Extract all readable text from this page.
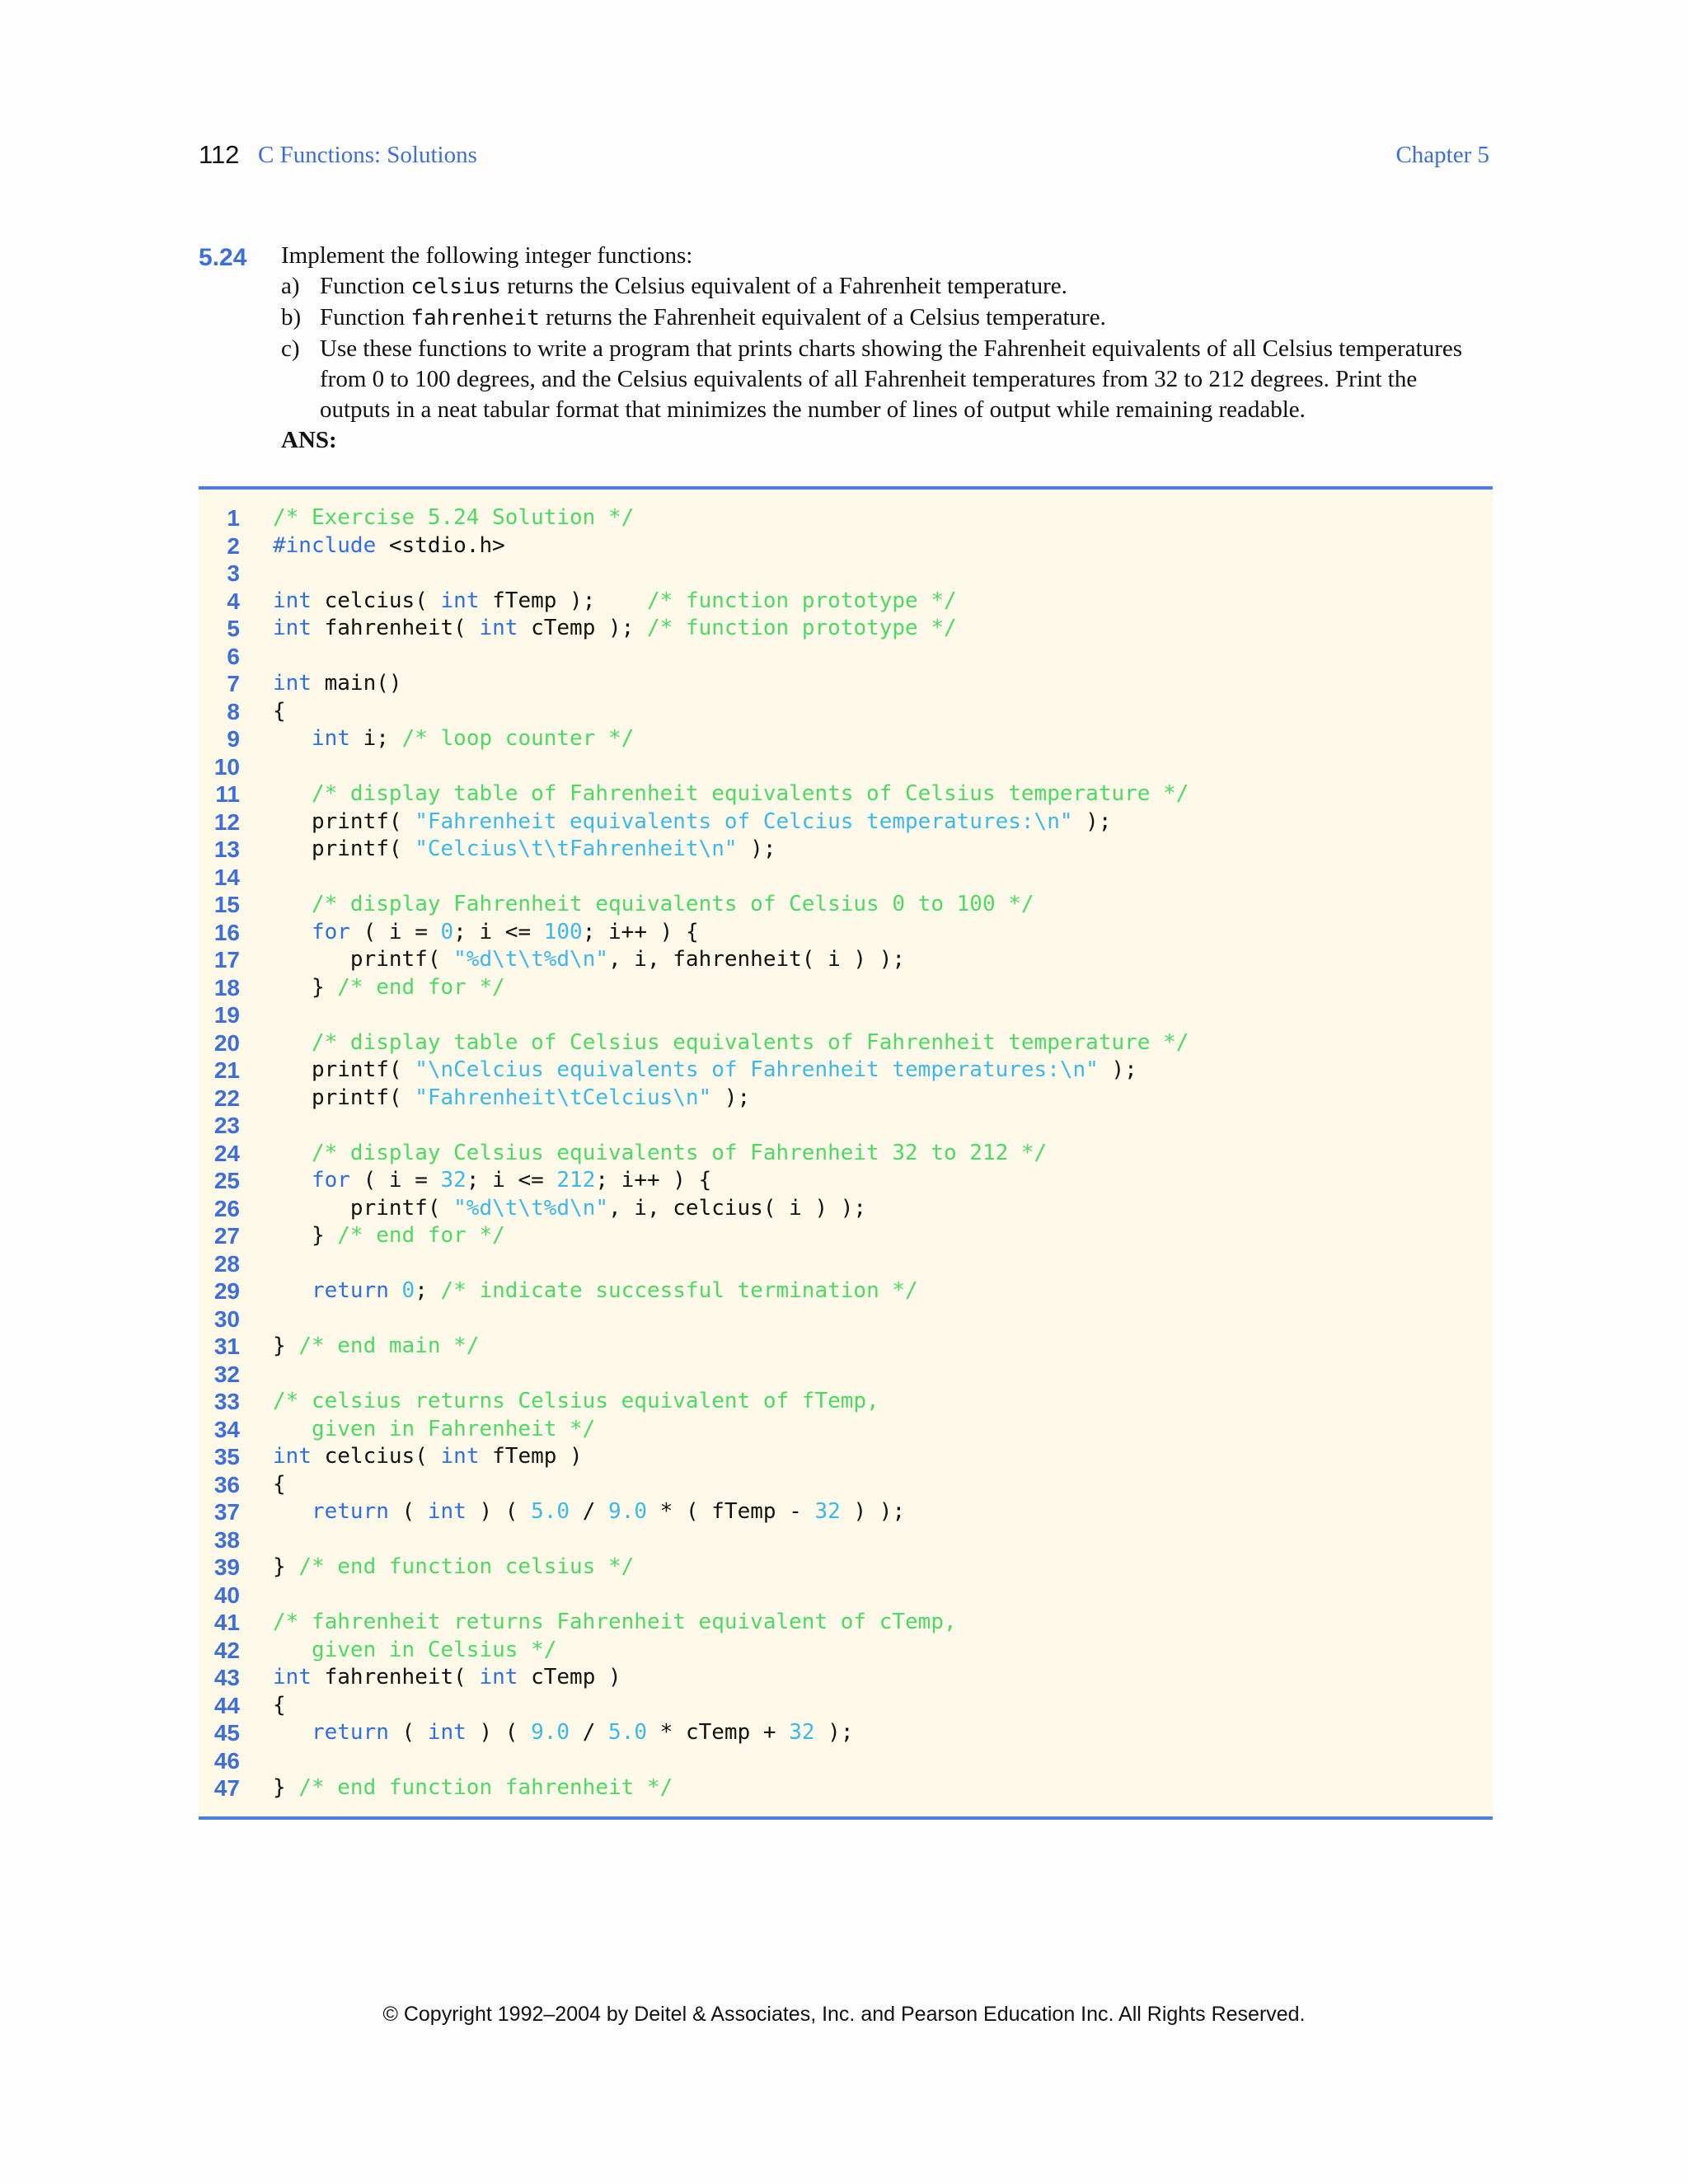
112 C Functions: Solutions	Chapter 5
5.24 Implement the following integer functions:

a) Function celsius returns the Celsius equivalent of a Fahrenheit temperature.
b) Function fahrenheit returns the Fahrenheit equivalent of a Celsius temperature.
c) Use these functions to write a program that prints charts showing the Fahrenheit equivalents of all Celsius temperatures from 0 to 100 degrees, and the Celsius equivalents of all Fahrenheit temperatures from 32 to 212 degrees. Print the outputs in a neat tabular format that minimizes the number of lines of output while remaining readable.

ANS:

1 /* Exercise 5.24 Solution */
2 #include <stdio.h>
3
4 int celcius( int fTemp );    /* function prototype */
5 int fahrenheit( int cTemp ); /* function prototype */
6
7 int main()
8 {
9	int i; /* loop counter */
10
11	/* display table of Fahrenheit equivalents of Celsius temperature */
12 printf( "Fahrenheit equivalents of Celcius temperatures:\n" );
13 printf( "Celcius\t\tFahrenheit\n" );
14
15	/* display Fahrenheit equivalents of Celsius 0 to 100 */
16	for ( i = 0; i <= 100; i++ ) {
17 printf( "%d\t\t%d\n", i, fahrenheit( i ) );
18 } /* end for */
19
20	/* display table of Celsius equivalents of Fahrenheit temperature */
21 printf( "\nCelcius equivalents of Fahrenheit temperatures:\n" );
22 printf( "Fahrenheit\tCelcius\n" );
23
24	/* display Celsius equivalents of Fahrenheit 32 to 212 */
25	for ( i = 32; i <= 212; i++ ) {
26 printf( "%d\t\t%d\n", i, celcius( i ) );
27 } /* end for */
28
29	return 0; /* indicate successful termination */
30
31 } /* end main */
32
33 /* celsius returns Celsius equivalent of fTemp,
34 given in Fahrenheit */
35 int celcius( int fTemp )
36 {
37	return ( int ) ( 5.0 / 9.0 * ( fTemp - 32 ) );
38
39 } /* end function celsius */
40
41 /* fahrenheit returns Fahrenheit equivalent of cTemp,
42 given in Celsius */
43 int fahrenheit( int cTemp )
44 {
45	return ( int ) ( 9.0 / 5.0 * cTemp + 32 );
46
47 } /* end function fahrenheit */
© Copyright 1992–2004 by Deitel & Associates, Inc. and Pearson Education Inc. All Rights Reserved.
